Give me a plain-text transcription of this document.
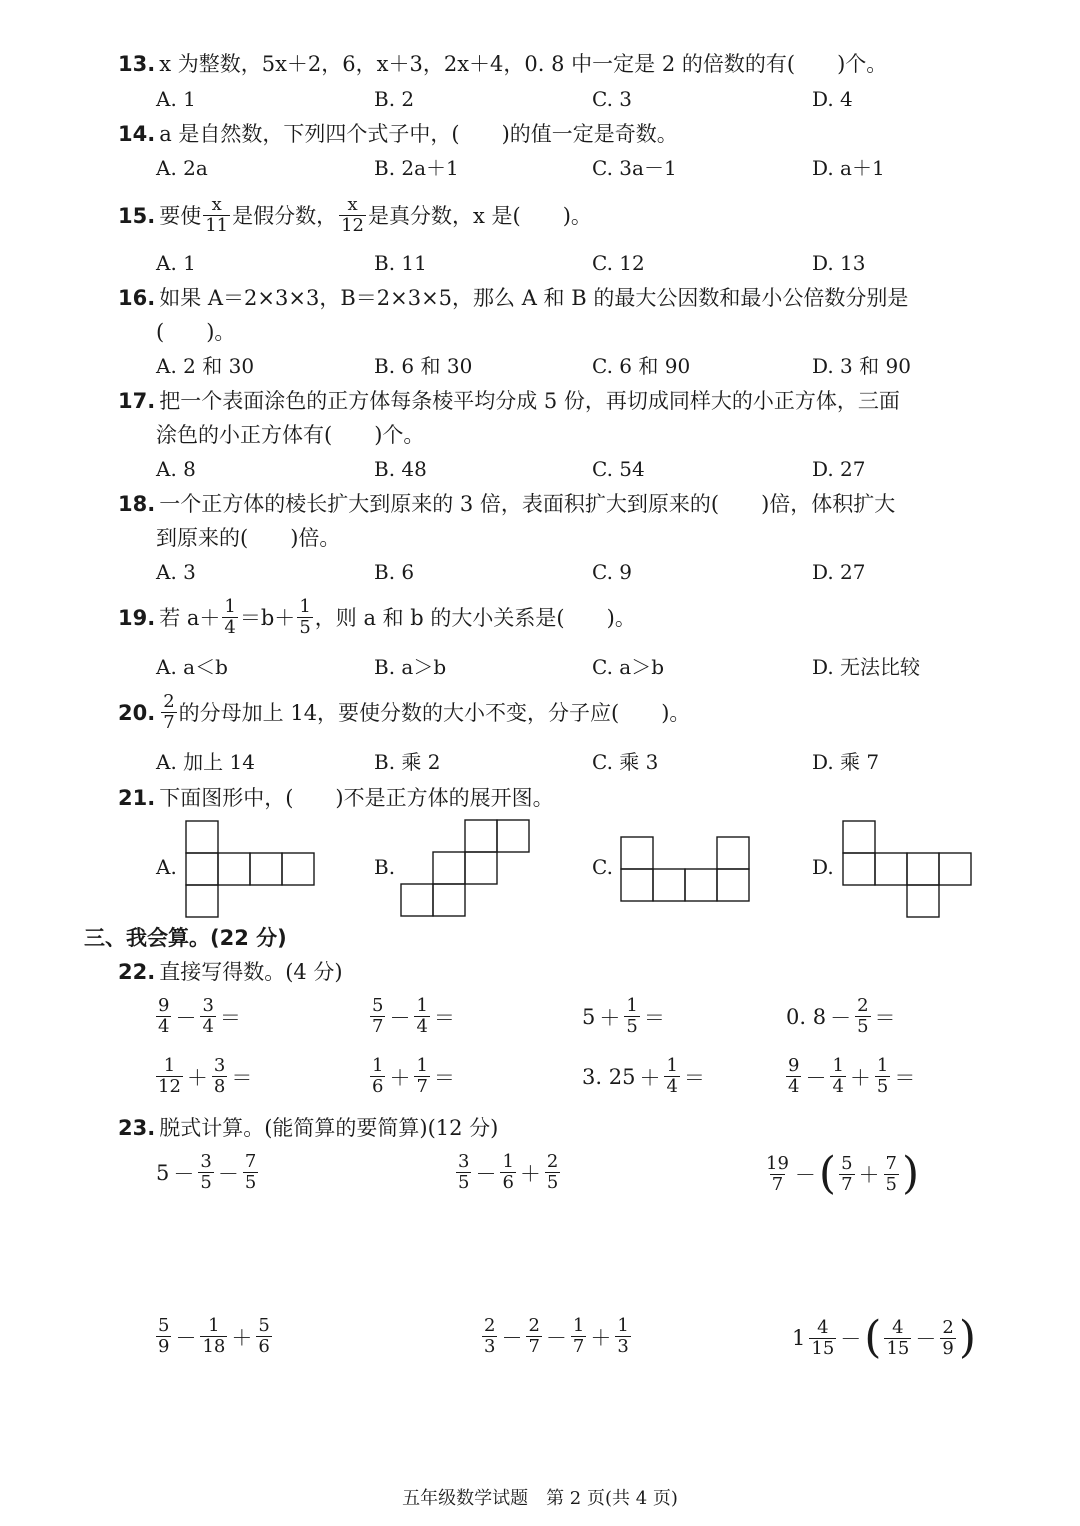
13. x 为整数，5x＋2，6，x＋3，2x＋4，0. 8 中一定是 2 的倍数的有(　　)个。
A. 1	B. 2	C. 3	D. 4
14. a 是自然数，下列四个式子中，(　　)的值一定是奇数。
A. 2a	B. 2a＋1	C. 3a－1	D. a＋1
15. 要使 $\frac{x}{11}$ 是假分数， $\frac{x}{12}$ 是真分数，x 是(　　)。
A. 1	B. 11	C. 12	D. 13
16. 如果 A＝2×3×3，B＝2×3×5，那么 A 和 B 的最大公因数和最小公倍数分别是
(　　)。
A. 2 和 30	B. 6 和 30	C. 6 和 90	D. 3 和 90
17. 把一个表面涂色的正方体每条棱平均分成 5 份，再切成同样大的小正方体，三面
涂色的小正方体有(　　)个。
A. 8	B. 48	C. 54	D. 27
18. 一个正方体的棱长扩大到原来的 3 倍，表面积扩大到原来的(　　)倍，体积扩大
到原来的(　　)倍。
A. 3	B. 6	C. 9	D. 27
19. 若 $a+ \frac{1}{4} =b+ \frac{1}{5}$ ，则 a 和 b 的大小关系是(　　)。
A. a＜b	B. a＞b	C. a＞b	D. 无法比较
20. $\frac{2}{7}$ 的分母加上 14，要使分数的大小不变，分子应(　　)。
A. 加上 14	B. 乘 2	C. 乘 3	D. 乘 7
21. 下面图形中，(　　)不是正方体的展开图。
A.	B.	C.	D.
三、我会算。(22 分)
22. 直接写得数。(4 分)
$\frac{9}{4} - \frac{3}{4}$ ＝	$\frac{5}{7} - \frac{1}{4}$ ＝	$5 + \frac{1}{5}$ ＝	0. $8 - \frac{2}{5}$ ＝
$\frac{1}{12} + \frac{3}{8}$ ＝	$\frac{1}{6} + \frac{1}{7}$ ＝	3. $25 + \frac{1}{4}$ ＝	$\frac{9}{4} - \frac{1}{4} + \frac{1}{5}$ ＝
23. 脱式计算。(能简算的要简算)(12 分)
$5 - \frac{3}{5} - \frac{7}{5}$	$\frac{3}{5} - \frac{1}{6} + \frac{2}{5}$	$\frac{19}{7}$ － ( $\frac{5}{7} + \frac{7}{5}$ )
$\frac{5}{9} - \frac{1}{18} + \frac{5}{6}$	$\frac{2}{3} - \frac{2}{7} - \frac{1}{7} + \frac{1}{3}$	$1 \frac{4}{15}$ － ( $\frac{4}{15} - \frac{2}{9}$ )
五年级数学试题　第 2 页(共 4 页)
